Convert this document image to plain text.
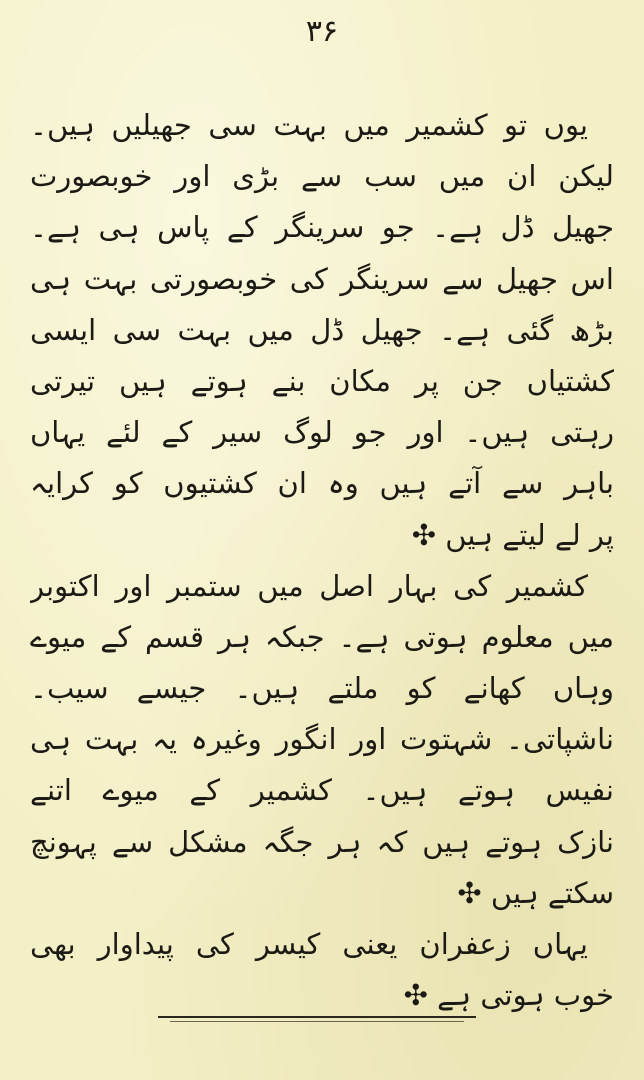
۳۶
یوں تو کشمیر میں بہت سی جھیلیں ہیں۔
لیکن ان میں سب سے بڑی اور خوبصورت
جھیل ڈل ہے۔ جو سرینگر کے پاس ہی ہے۔
اس جھیل سے سرینگر کی خوبصورتی بہت ہی
بڑھ گئی ہے۔ جھیل ڈل میں بہت سی ایسی
کشتیاں جن پر مکان بنے ہوتے ہیں تیرتی
رہتی ہیں۔ اور جو لوگ سیر کے لئے یہاں
باہر سے آتے ہیں وہ ان کشتیوں کو کرایہ
پر لے لیتے ہیں ✣
کشمیر کی بہار اصل میں ستمبر اور اکتوبر
میں معلوم ہوتی ہے۔ جبکہ ہر قسم کے میوے
وہاں کھانے کو ملتے ہیں۔ جیسے سیب۔
ناشپاتی۔ شہتوت اور انگور وغیرہ یہ بہت ہی
نفیس ہوتے ہیں۔ کشمیر کے میوے اتنے
نازک ہوتے ہیں کہ ہر جگہ مشکل سے پہونچ
سکتے ہیں ✣
یہاں زعفران یعنی کیسر کی پیداوار بھی
خوب ہوتی ہے ✣
